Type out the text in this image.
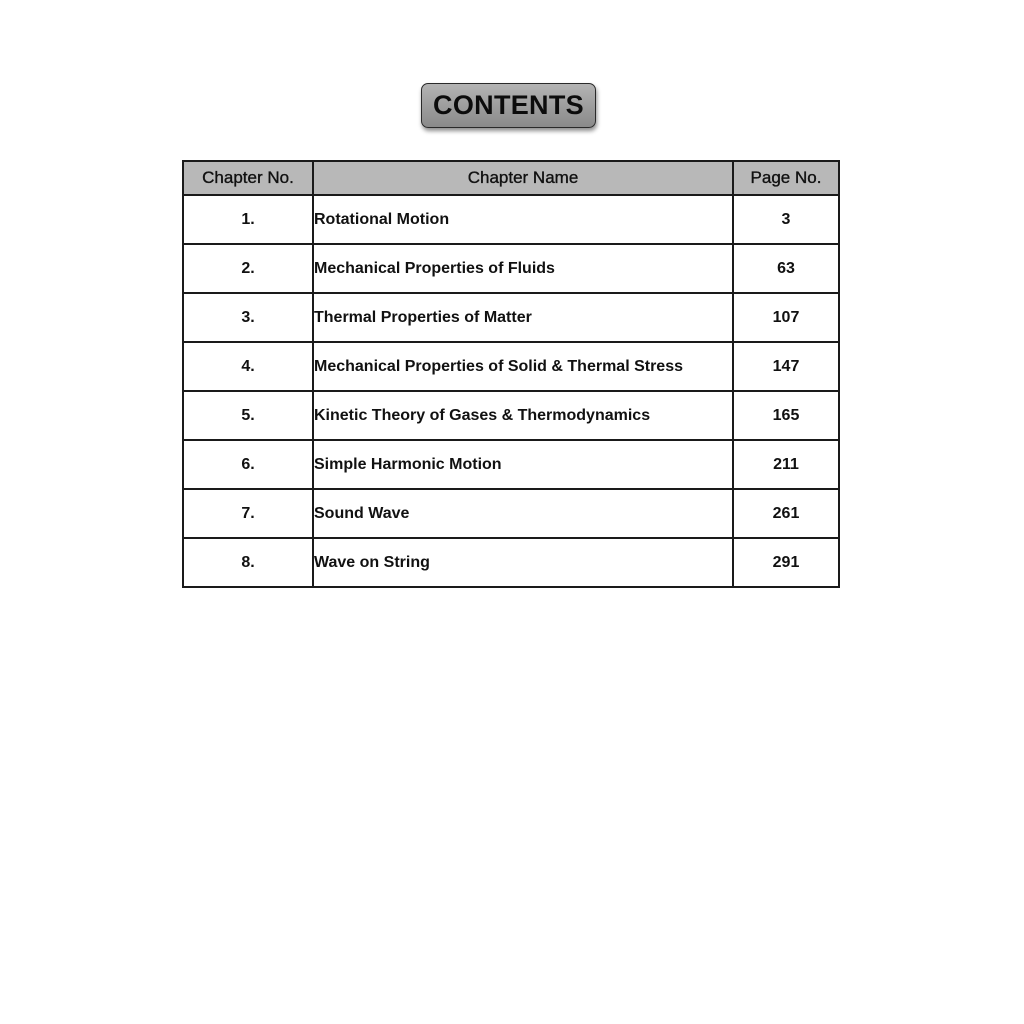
CONTENTS
Chapter No.	Chapter Name	Page No.
1.	Rotational Motion	3
2.	Mechanical Properties of Fluids	63
3.	Thermal Properties of Matter	107
4.	Mechanical Properties of Solid & Thermal Stress	147
5.	Kinetic Theory of Gases & Thermodynamics	165
6.	Simple Harmonic Motion	211
7.	Sound Wave	261
8.	Wave on String	291
